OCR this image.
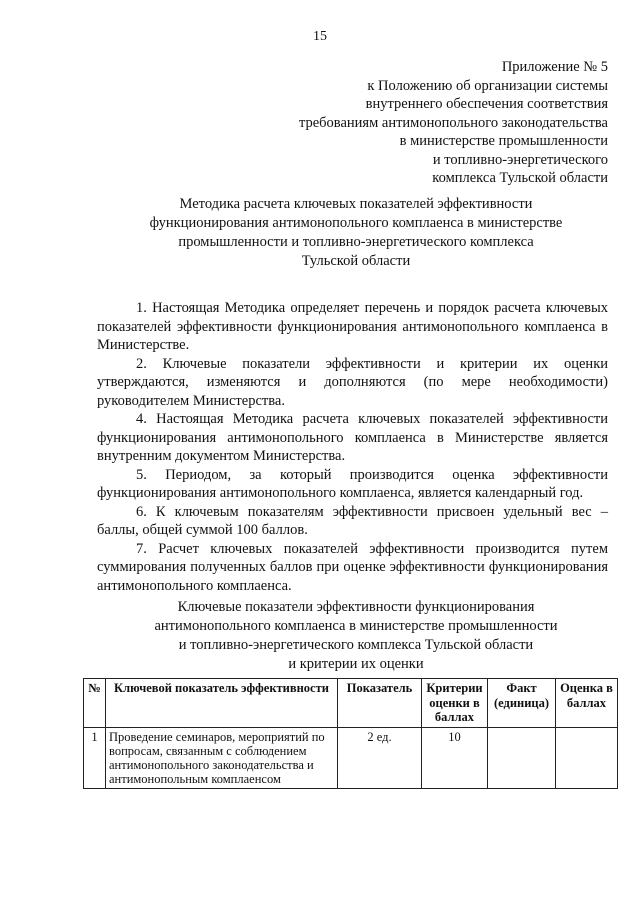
15
Приложение № 5
к Положению об организации системы
внутреннего обеспечения соответствия
требованиям антимонопольного законодательства
в министерстве промышленности
и топливно-энергетического
комплекса Тульской области
Методика расчета ключевых показателей эффективности
функционирования антимонопольного комплаенса в министерстве
промышленности и топливно-энергетического комплекса
Тульской области

1. Настоящая Методика определяет перечень и порядок расчета ключевых показателей эффективности функционирования антимонопольного комплаенса в Министерстве.

2. Ключевые показатели эффективности и критерии их оценки утверждаются, изменяются и дополняются (по мере необходимости) руководителем Министерства.

4. Настоящая Методика расчета ключевых показателей эффективности функционирования антимонопольного комплаенса в Министерстве является внутренним документом Министерства.

5. Периодом, за который производится оценка эффективности функционирования антимонопольного комплаенса, является календарный год.

6. К ключевым показателям эффективности присвоен удельный вес – баллы, общей суммой 100 баллов.

7. Расчет ключевых показателей эффективности производится путем суммирования полученных баллов при оценке эффективности функционирования антимонопольного комплаенса.

Ключевые показатели эффективности функционирования
антимонопольного комплаенса в министерстве промышленности
и топливно-энергетического комплекса Тульской области
и критерии их оценки
№	Ключевой показатель эффективности	Показатель	Критерии оценки в баллах	Факт (единица)	Оценка в баллах
1	Проведение семинаров, мероприятий по вопросам, связанным с соблюдением антимонопольного законодательства и антимонопольным комплаенсом	2 ед.	10		
